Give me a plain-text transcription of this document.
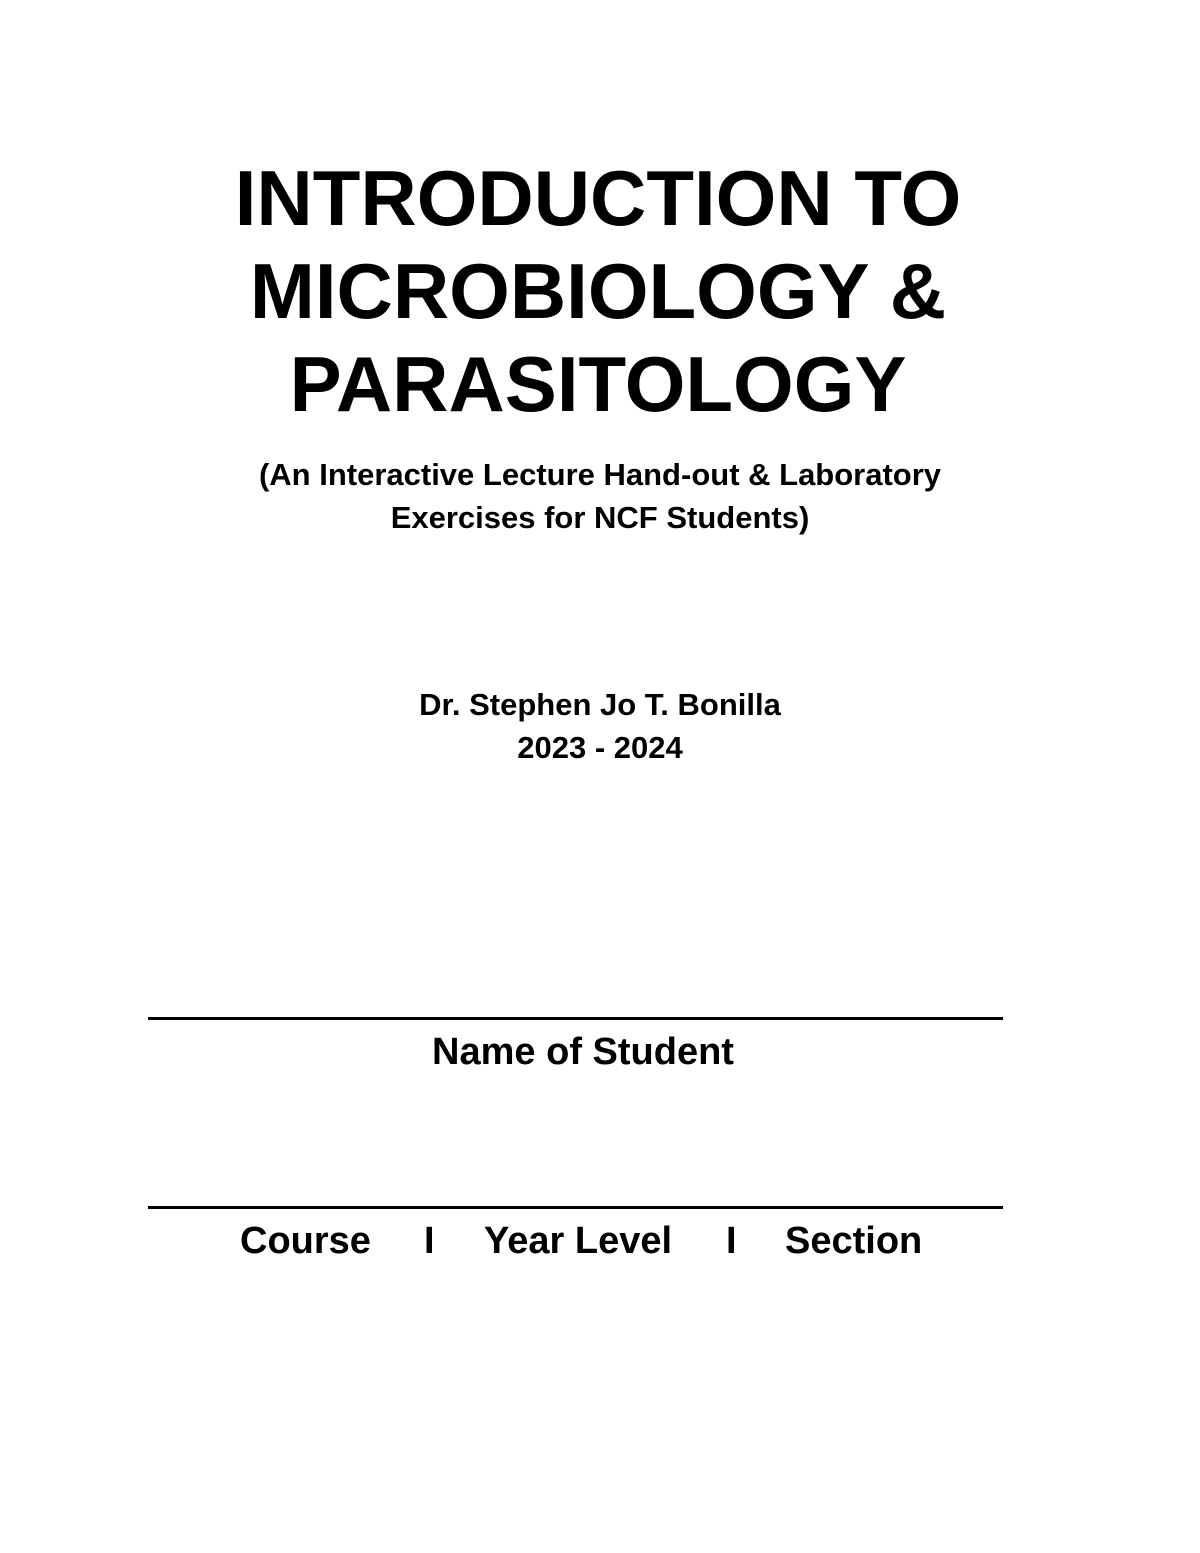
INTRODUCTION TO
MICROBIOLOGY &
PARASITOLOGY
(An Interactive Lecture Hand-out & Laboratory
Exercises for NCF Students)
Dr. Stephen Jo T. Bonilla
2023 - 2024
Name of Student
Course I Year Level I Section
